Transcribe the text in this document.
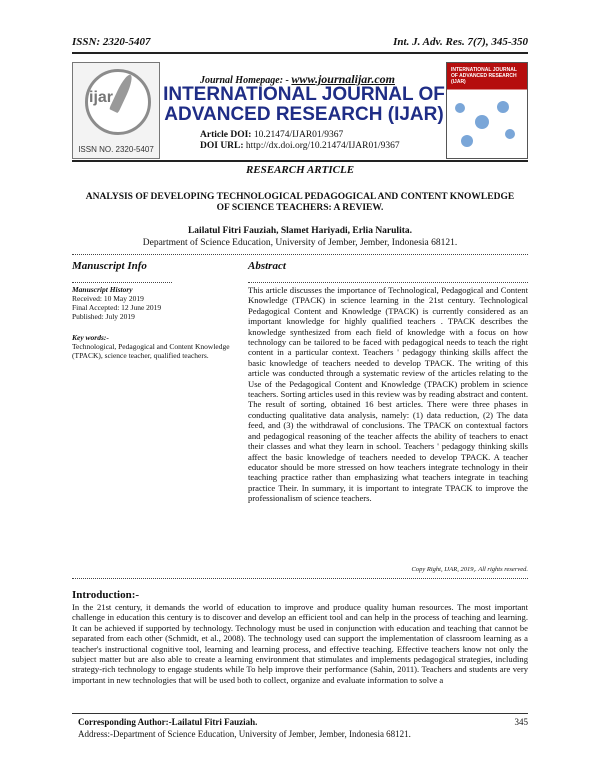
ISSN: 2320-5407	Int. J. Adv. Res. 7(7), 345-350
ijar
ISSN NO. 2320-5407
Journal Homepage: - www.journalijar.com
INTERNATIONAL JOURNAL OF ADVANCED RESEARCH (IJAR)
Article DOI: 10.21474/IJAR01/9367
DOI URL: http://dx.doi.org/10.21474/IJAR01/9367
INTERNATIONAL JOURNAL OF ADVANCED RESEARCH (IJAR)
RESEARCH ARTICLE
ANALYSIS OF DEVELOPING TECHNOLOGICAL PEDAGOGICAL AND CONTENT KNOWLEDGE OF SCIENCE TEACHERS: A REVIEW.
Lailatul Fitri Fauziah, Slamet Hariyadi, Erlia Narulita.
Department of Science Education, University of Jember, Jember, Indonesia 68121.
Manuscript Info
Manuscript History
Received: 10 May 2019
Final Accepted: 12 June 2019
Published: July 2019
Key words:-
Technological, Pedagogical and Content Knowledge (TPACK), science teacher, qualified teachers.
Abstract
This article discusses the importance of Technological, Pedagogical and Content Knowledge (TPACK) in science learning in the 21st century. Technological Pedagogical Content and Knowledge (TPACK) is currently considered as an important knowledge for highly qualified teachers . TPACK describes the knowledge synthesized from each field of knowledge with a focus on how technology can be tailored to be faced with pedagogical needs to teach the right content in a particular context. Teachers ' pedagogy thinking skills affect the basic knowledge of teachers needed to develop TPACK. The writing of this article was conducted through a systematic review of the articles relating to the Use of the Pedagogical Content and Knowledge (TPACK) problem in science teachers. Sorting articles used in this review was by reading abstract and content. The result of sorting, obtained 16 best articles. There were three phases in conducting qualitative data analysis, namely: (1) data reduction, (2) The data feed, and (3) the withdrawal of conclusions. The TPACK on contextual factors and pedagogical reasoning of the teacher affects the ability of teachers to enact their classes and what they learn in school. Teachers ' pedagogy thinking skills affect the basic knowledge of teachers needed to develop TPACK. A teacher educator should be more stressed on how teachers integrate technology in their teaching practice rather than emphasizing what teachers integrate in teaching practice Their. In summary, it is important to integrate TPACK to improve the professionalism of science teachers.
Copy Right, IJAR, 2019,. All rights reserved.
Introduction:-
In the 21st century, it demands the world of education to improve and produce quality human resources. The most important challenge in education this century is to discover and develop an efficient tool and can help in the process of teaching and learning. It can be achieved if supported by technology. Technology must be used in conjunction with education and teaching that cannot be separated from each other (Schmidt, et al., 2008). The technology used can support the implementation of classroom learning as a teacher's instructional cognitive tool, learning and learning process, and effective teaching. Effective teachers know not only the subject matter but are also able to create a learning environment that stimulates and implements pedagogical strategies, including strategy-rich technology to engage students while To help improve their performance (Sahin, 2011). Teachers and students are very important in new technologies that will be used both to collect, organize and evaluate information to solve a
Corresponding Author:-Lailatul Fitri Fauziah.
Address:-Department of Science Education, University of Jember, Jember, Indonesia 68121.
345
